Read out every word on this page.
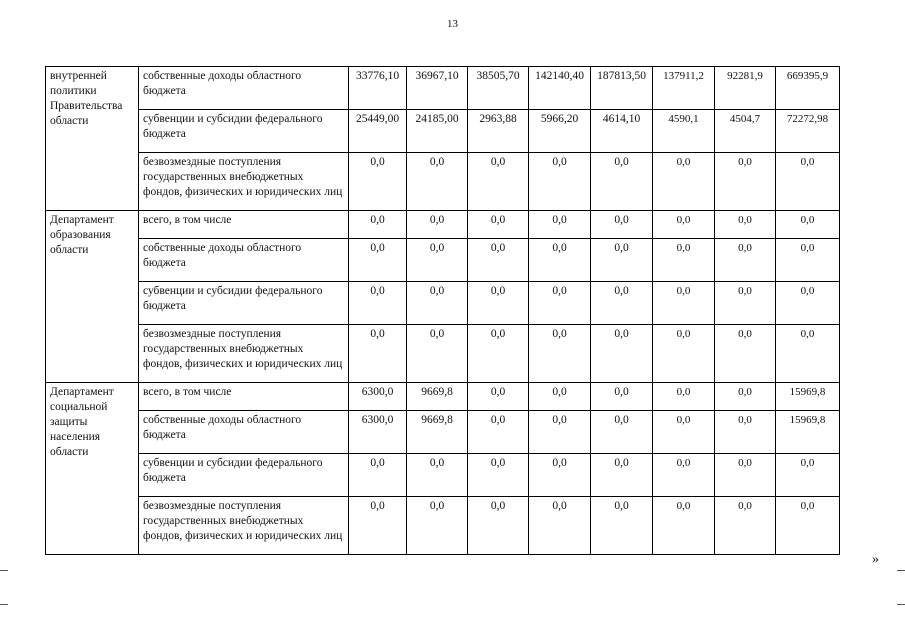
13
внутренней политики Правительства области	собственные доходы областного бюджета	33776,10	36967,10	38505,70	142140,40	187813,50	137911,2	92281,9	669395,9
	субвенции и субсидии федерального бюджета	25449,00	24185,00	2963,88	5966,20	4614,10	4590,1	4504,7	72272,98
	безвозмездные поступления государственных внебюджетных фондов, физических и юридических лиц	0,0	0,0	0,0	0,0	0,0	0,0	0,0	0,0
Департамент образования области	всего, в том числе	0,0	0,0	0,0	0,0	0,0	0,0	0,0	0,0
	собственные доходы областного бюджета	0,0	0,0	0,0	0,0	0,0	0,0	0,0	0,0
	субвенции и субсидии федерального бюджета	0,0	0,0	0,0	0,0	0,0	0,0	0,0	0,0
	безвозмездные поступления государственных внебюджетных фондов, физических и юридических лиц	0,0	0,0	0,0	0,0	0,0	0,0	0,0	0,0
Департамент социальной защиты населения области	всего, в том числе	6300,0	9669,8	0,0	0,0	0,0	0,0	0,0	15969,8
	собственные доходы областного бюджета	6300,0	9669,8	0,0	0,0	0,0	0,0	0,0	15969,8
	субвенции и субсидии федерального бюджета	0,0	0,0	0,0	0,0	0,0	0,0	0,0	0,0
	безвозмездные поступления государственных внебюджетных фондов, физических и юридических лиц	0,0	0,0	0,0	0,0	0,0	0,0	0,0	0,0
»
